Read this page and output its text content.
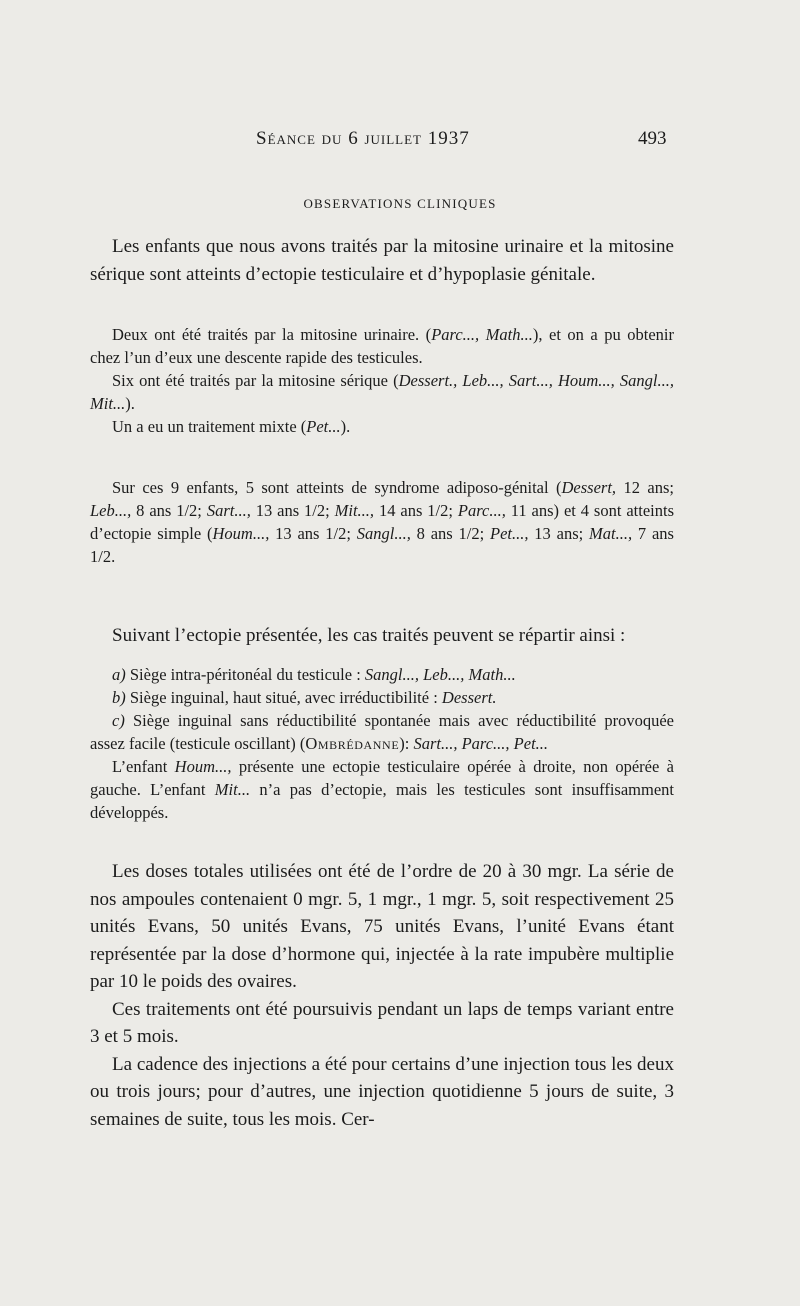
Séance du 6 juillet 1937	493
OBSERVATIONS CLINIQUES

Les enfants que nous avons traités par la mitosine urinaire et la mitosine sérique sont atteints d’ectopie testiculaire et d’hypoplasie génitale.

Deux ont été traités par la mitosine urinaire. (Parc..., Math...), et on a pu obtenir chez l’un d’eux une descente rapide des testicules.

Six ont été traités par la mitosine sérique (Dessert., Leb..., Sart..., Houm..., Sangl..., Mit...).

Un a eu un traitement mixte (Pet...).

Sur ces 9 enfants, 5 sont atteints de syndrome adiposo-génital (Dessert, 12 ans; Leb..., 8 ans 1/2; Sart..., 13 ans 1/2; Mit..., 14 ans 1/2; Parc..., 11 ans) et 4 sont atteints d’ectopie simple (Houm..., 13 ans 1/2; Sangl..., 8 ans 1/2; Pet..., 13 ans; Mat..., 7 ans 1/2.

Suivant l’ectopie présentée, les cas traités peuvent se répartir ainsi :

a) Siège intra-péritonéal du testicule : Sangl..., Leb..., Math...

b) Siège inguinal, haut situé, avec irréductibilité : Dessert.

c) Siège inguinal sans réductibilité spontanée mais avec réductibilité provoquée assez facile (testicule oscillant) (Ombrédanne): Sart..., Parc..., Pet...

L’enfant Houm..., présente une ectopie testiculaire opérée à droite, non opérée à gauche. L’enfant Mit... n’a pas d’ectopie, mais les testicules sont insuffisamment développés.

Les doses totales utilisées ont été de l’ordre de 20 à 30 mgr. La série de nos ampoules contenaient 0 mgr. 5, 1 mgr., 1 mgr. 5, soit respectivement 25 unités Evans, 50 unités Evans, 75 unités Evans, l’unité Evans étant représentée par la dose d’hormone qui, injectée à la rate impubère multiplie par 10 le poids des ovaires.

Ces traitements ont été poursuivis pendant un laps de temps variant entre 3 et 5 mois.

La cadence des injections a été pour certains d’une injection tous les deux ou trois jours; pour d’autres, une injection quotidienne 5 jours de suite, 3 semaines de suite, tous les mois. Cer-
